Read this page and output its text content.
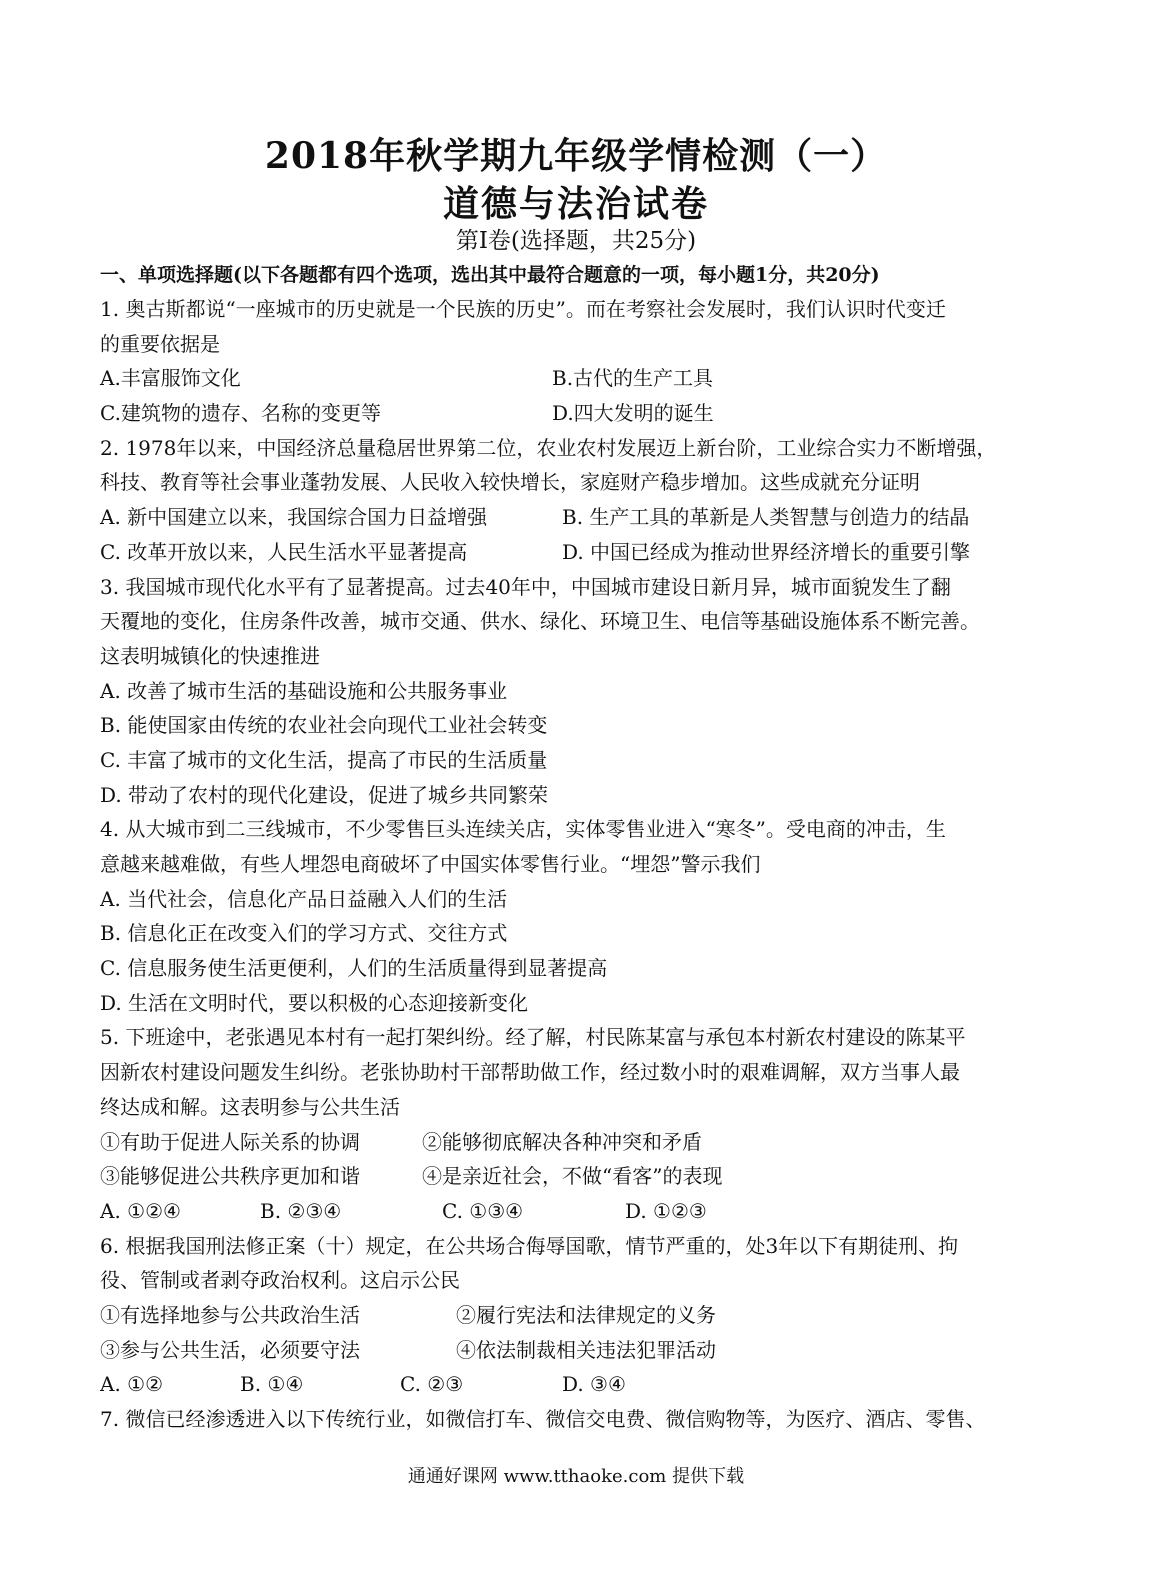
2018年秋学期九年级学情检测（一）
道德与法治试卷
第Ⅰ卷(选择题，共25分)
一、单项选择题(以下各题都有四个选项，选出其中最符合题意的一项，每小题1分，共20分)
1. 奥古斯都说“一座城市的历史就是一个民族的历史”。而在考察社会发展时，我们认识时代变迁
的重要依据是
A.丰富服饰文化	B.古代的生产工具
C.建筑物的遗存、名称的变更等	D.四大发明的诞生
2. 1978年以来，中国经济总量稳居世界第二位，农业农村发展迈上新台阶，工业综合实力不断增强，
科技、教育等社会事业蓬勃发展、人民收入较快增长，家庭财产稳步增加。这些成就充分证明
A. 新中国建立以来，我国综合国力日益增强	B. 生产工具的革新是人类智慧与创造力的结晶
C. 改革开放以来，人民生活水平显著提高	D. 中国已经成为推动世界经济增长的重要引擎
3. 我国城市现代化水平有了显著提高。过去40年中，中国城市建设日新月异，城市面貌发生了翻
天覆地的变化，住房条件改善，城市交通、供水、绿化、环境卫生、电信等基础设施体系不断完善。
这表明城镇化的快速推进
A. 改善了城市生活的基础设施和公共服务事业
B. 能使国家由传统的农业社会向现代工业社会转变
C. 丰富了城市的文化生活，提高了市民的生活质量
D. 带动了农村的现代化建设，促进了城乡共同繁荣
4. 从大城市到二三线城市，不少零售巨头连续关店，实体零售业进入“寒冬”。受电商的冲击，生
意越来越难做，有些人埋怨电商破坏了中国实体零售行业。“埋怨”警示我们
A. 当代社会，信息化产品日益融入人们的生活
B. 信息化正在改变入们的学习方式、交往方式
C. 信息服务使生活更便利，人们的生活质量得到显著提高
D. 生活在文明时代，要以积极的心态迎接新变化
5. 下班途中，老张遇见本村有一起打架纠纷。经了解，村民陈某富与承包本村新农村建设的陈某平
因新农村建设问题发生纠纷。老张协助村干部帮助做工作，经过数小时的艰难调解，双方当事人最
终达成和解。这表明参与公共生活
①有助于促进人际关系的协调	②能够彻底解决各种冲突和矛盾
③能够促进公共秩序更加和谐	④是亲近社会，不做“看客”的表现
A. ①②④	B. ②③④	C. ①③④	D. ①②③
6. 根据我国刑法修正案（十）规定，在公共场合侮辱国歌，情节严重的，处3年以下有期徒刑、拘
役、管制或者剥夺政治权利。这启示公民
①有选择地参与公共政治生活	②履行宪法和法律规定的义务
③参与公共生活，必须要守法	④依法制裁相关违法犯罪活动
A. ①②	B. ①④	C. ②③	D. ③④
7. 微信已经渗透进入以下传统行业，如微信打车、微信交电费、微信购物等，为医疗、酒店、零售、
通通好课网 www.tthaoke.com 提供下载
